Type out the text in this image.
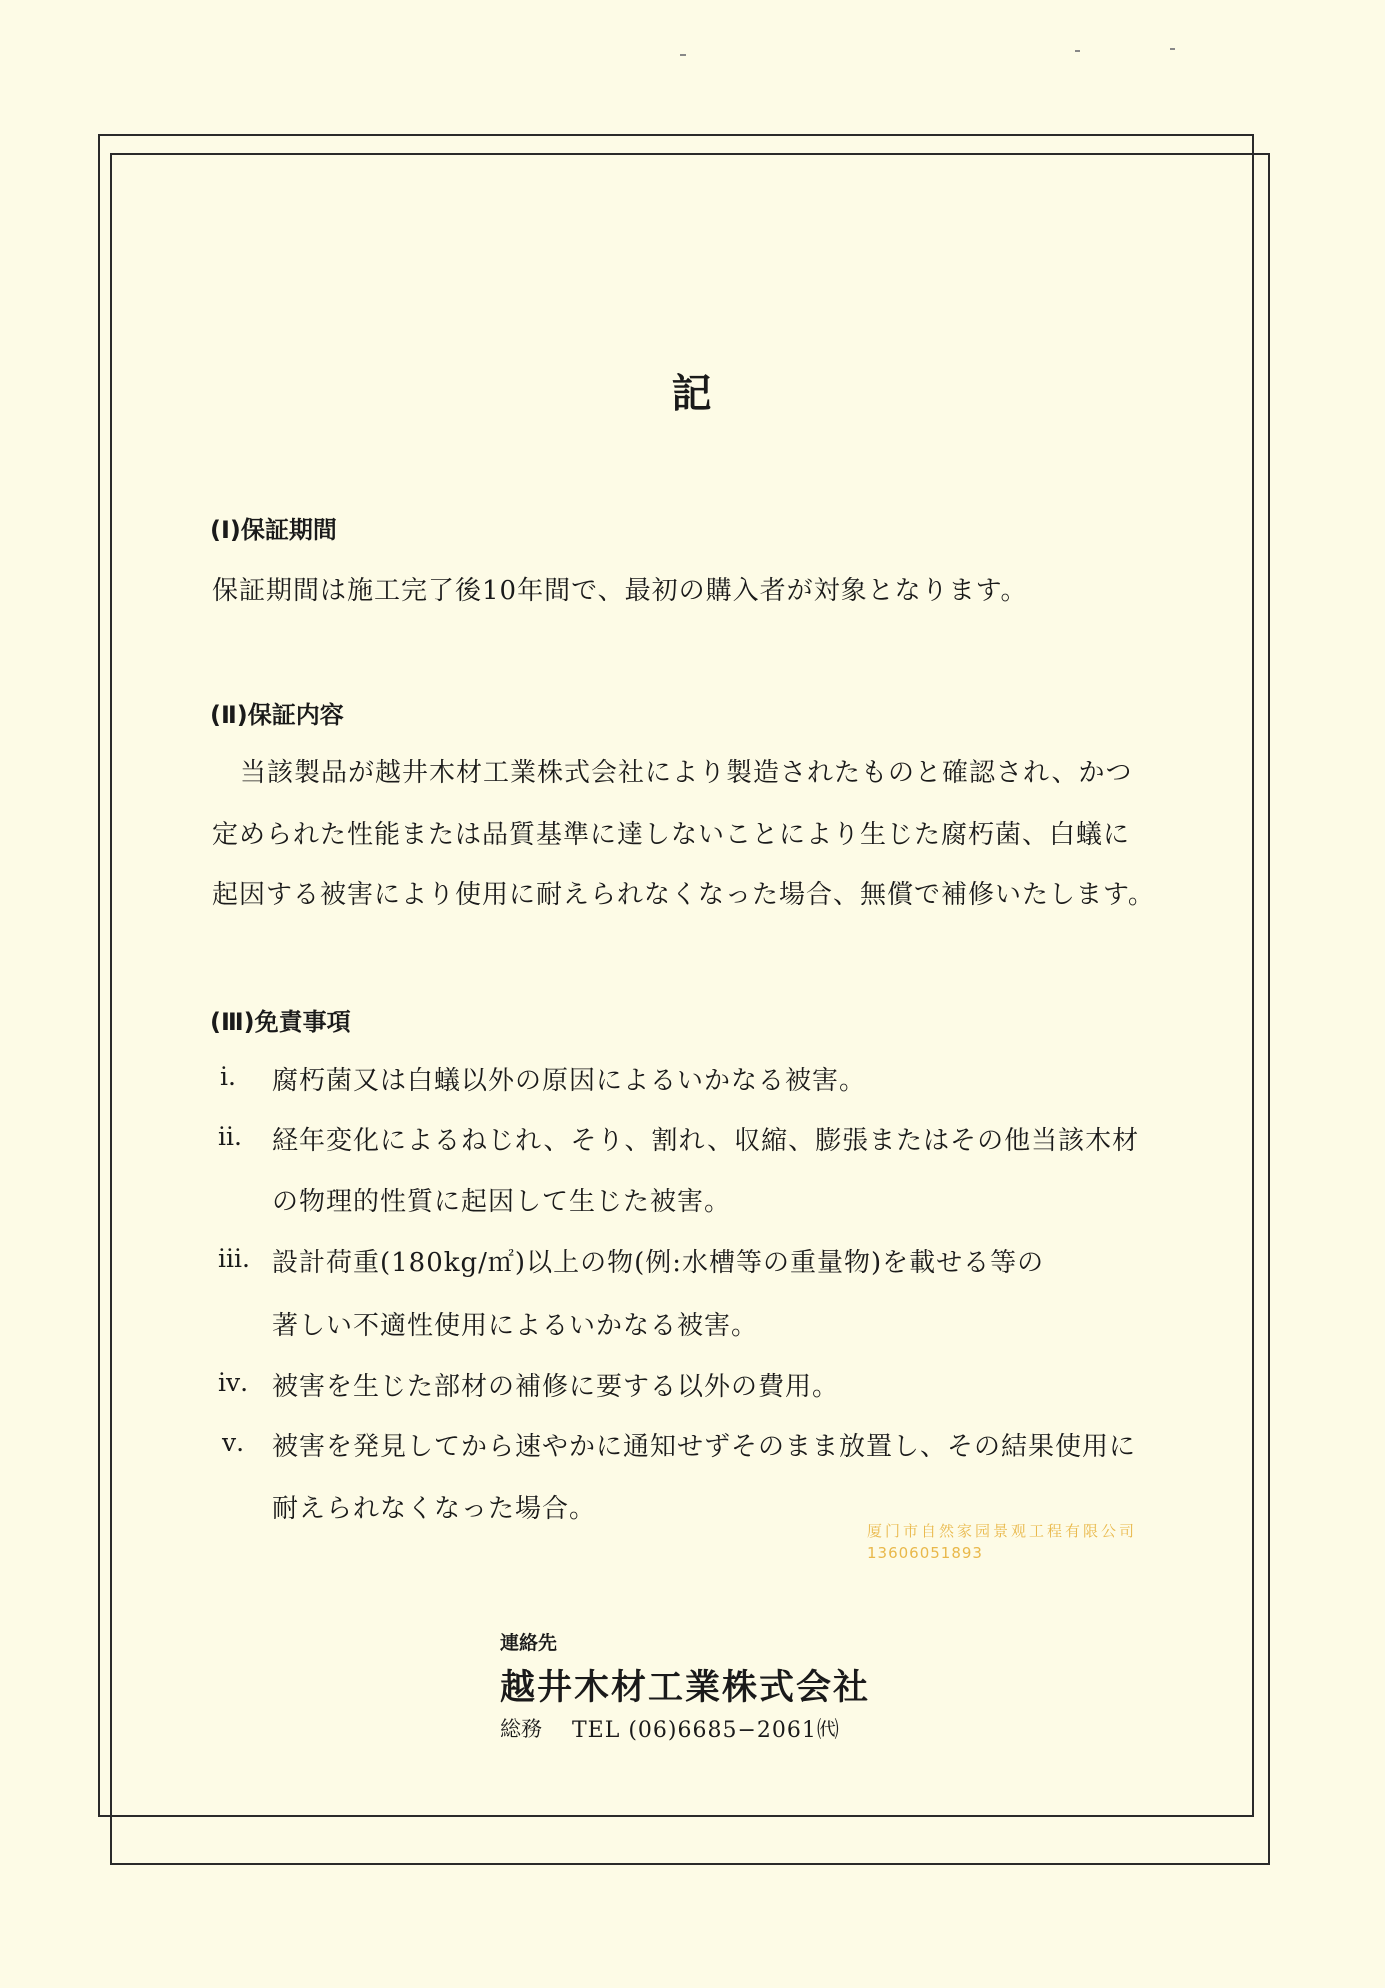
記
(Ⅰ)保証期間
保証期間は施工完了後10年間で、最初の購入者が対象となります。
(Ⅱ)保証内容
当該製品が越井木材工業株式会社により製造されたものと確認され、かつ
定められた性能または品質基準に達しないことにより生じた腐朽菌、白蟻に
起因する被害により使用に耐えられなくなった場合、無償で補修いたします。
(Ⅲ)免責事項
ⅰ. 腐朽菌又は白蟻以外の原因によるいかなる被害。
ⅱ. 経年変化によるねじれ、そり、割れ、収縮、膨張またはその他当該木材
の物理的性質に起因して生じた被害。
ⅲ. 設計荷重(180kg/㎡)以上の物(例:水槽等の重量物)を載せる等の
著しい不適性使用によるいかなる被害。
ⅳ. 被害を生じた部材の補修に要する以外の費用。
ⅴ. 被害を発見してから速やかに通知せずそのまま放置し、その結果使用に
耐えられなくなった場合。
厦门市自然家园景观工程有限公司
13606051893
連絡先
越井木材工業株式会社
総務 TEL (06)6685−2061㈹
